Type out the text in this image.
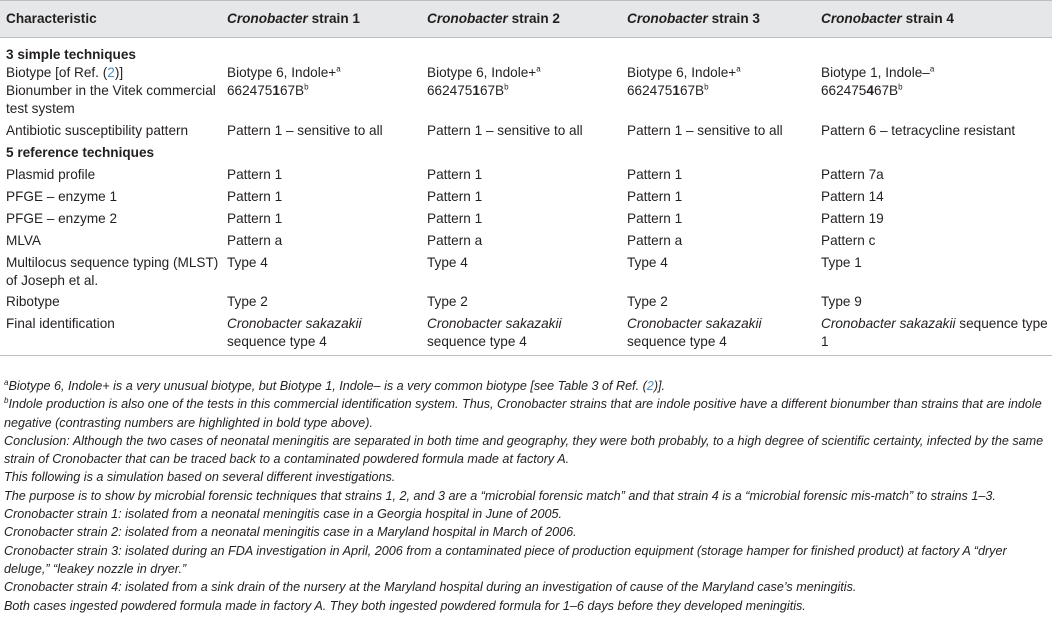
Characteristic	Cronobacter strain 1	Cronobacter strain 2	Cronobacter strain 3	Cronobacter strain 4
3 simple techniques				
Biotype [of Ref. (2)]	Biotype 6, Indole+$^a$	Biotype 6, Indole+$^a$	Biotype 6, Indole+$^a$	Biotype 1, Indole–$^a$
Bionumber in the Vitek commercial test system	$662475167B^b$	$662475167B^b$	$662475167B^b$	$662475467B^b$
Antibiotic susceptibility pattern	Pattern 1 – sensitive to all	Pattern 1 – sensitive to all	Pattern 1 – sensitive to all	Pattern 6 – tetracycline resistant
5 reference techniques				
Plasmid profile	Pattern 1	Pattern 1	Pattern 1	Pattern 7a
PFGE – enzyme 1	Pattern 1	Pattern 1	Pattern 1	Pattern 14
PFGE – enzyme 2	Pattern 1	Pattern 1	Pattern 1	Pattern 19
MLVA	Pattern a	Pattern a	Pattern a	Pattern c
Multilocus sequence typing (MLST) of Joseph et al.	Type 4	Type 4	Type 4	Type 1
Ribotype	Type 2	Type 2	Type 2	Type 9
Final identification	Cronobacter sakazakii sequence type 4	Cronobacter sakazakii sequence type 4	Cronobacter sakazakii sequence type 4	Cronobacter sakazakii sequence type 1
$^a$Biotype 6, Indole+ is a very unusual biotype, but Biotype 1, Indole– is a very common biotype [see Table 3 of Ref. (2)].
$^b$Indole production is also one of the tests in this commercial identification system. Thus, Cronobacter strains that are indole positive have a different bionumber than strains that are indole negative (contrasting numbers are highlighted in bold type above).
Conclusion: Although the two cases of neonatal meningitis are separated in both time and geography, they were both probably, to a high degree of scientific certainty, infected by the same strain of Cronobacter that can be traced back to a contaminated powdered formula made at factory A.
This following is a simulation based on several different investigations.
The purpose is to show by microbial forensic techniques that strains 1, 2, and 3 are a “microbial forensic match” and that strain 4 is a “microbial forensic mis-match” to strains 1–3.
Cronobacter strain 1: isolated from a neonatal meningitis case in a Georgia hospital in June of 2005.
Cronobacter strain 2: isolated from a neonatal meningitis case in a Maryland hospital in March of 2006.
Cronobacter strain 3: isolated during an FDA investigation in April, 2006 from a contaminated piece of production equipment (storage hamper for finished product) at factory A “dryer deluge,” “leakey nozzle in dryer.”
Cronobacter strain 4: isolated from a sink drain of the nursery at the Maryland hospital during an investigation of cause of the Maryland case’s meningitis.
Both cases ingested powdered formula made in factory A. They both ingested powdered formula for 1–6 days before they developed meningitis.
